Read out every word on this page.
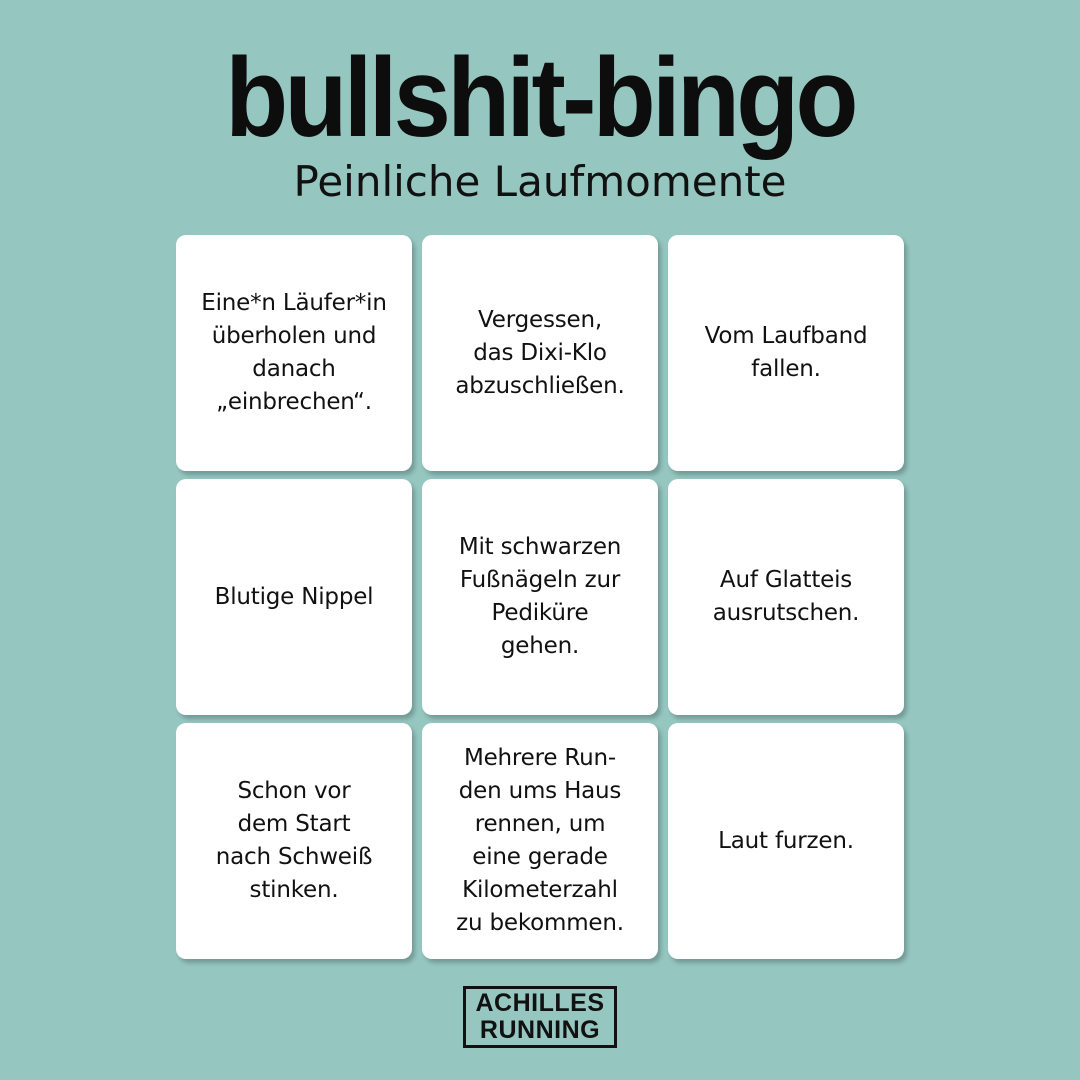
bullshit-bingo
Peinliche Laufmomente
Eine*n Läufer*in
überholen und
danach
„einbrechen“.
Vergessen,
das Dixi-Klo
abzuschließen.
Vom Laufband
fallen.
Blutige Nippel
Mit schwarzen
Fußnägeln zur
Pediküre
gehen.
Auf Glatteis
ausrutschen.
Schon vor
dem Start
nach Schweiß
stinken.
Mehrere Run-
den ums Haus
rennen, um
eine gerade
Kilometerzahl
zu bekommen.
Laut furzen.
ACHILLES
RUNNING
